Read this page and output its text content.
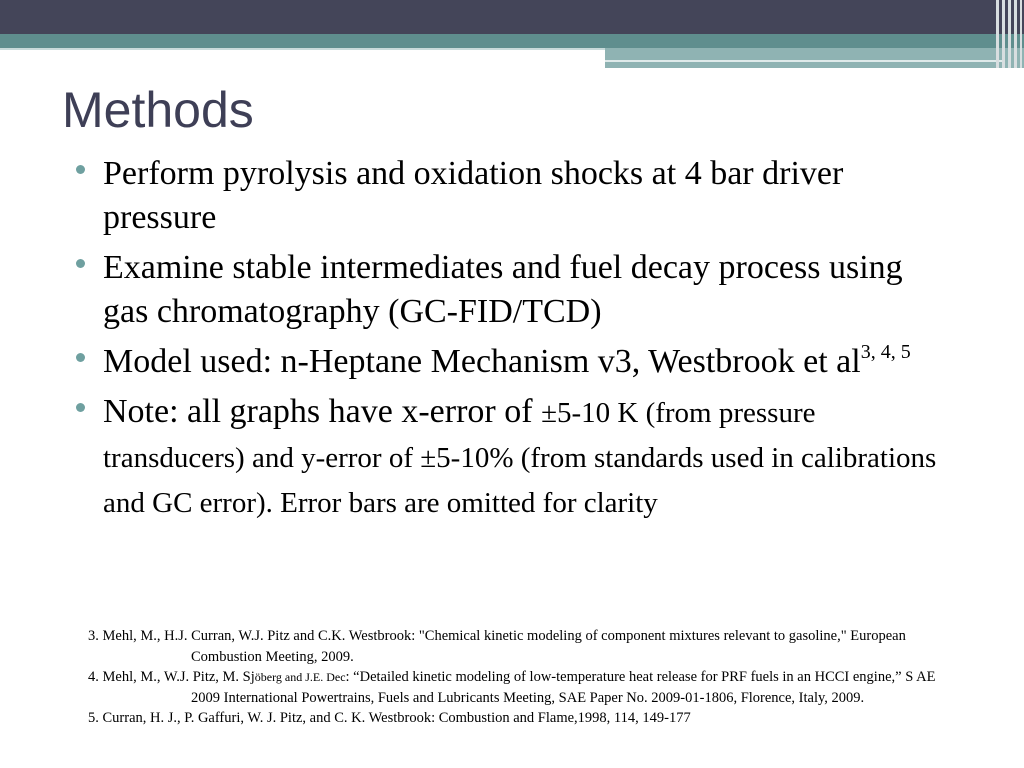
Methods
Perform pyrolysis and oxidation shocks at 4 bar driver pressure
Examine stable intermediates and fuel decay process using gas chromatography (GC-FID/TCD)
Model used: n-Heptane Mechanism v3, Westbrook et al$^{3, 4, 5}$
Note: all graphs have x-error of ±5-10 K (from pressure transducers) and y-error of ±5-10% (from standards used in calibrations and GC error). Error bars are omitted for clarity

3. Mehl, M., H.J. Curran, W.J. Pitz and C.K. Westbrook: "Chemical kinetic modeling of component mixtures relevant to gasoline," European Combustion Meeting, 2009.

4. Mehl, M., W.J. Pitz, M. Sjöberg and J.E. Dec: “Detailed kinetic modeling of low-temperature heat release for PRF fuels in an HCCI engine,” S AE 2009 International Powertrains, Fuels and Lubricants Meeting, SAE Paper No. 2009-01-1806, Florence, Italy, 2009.

5. Curran, H. J., P. Gaffuri, W. J. Pitz, and C. K. Westbrook: Combustion and Flame,1998, 114, 149-177
